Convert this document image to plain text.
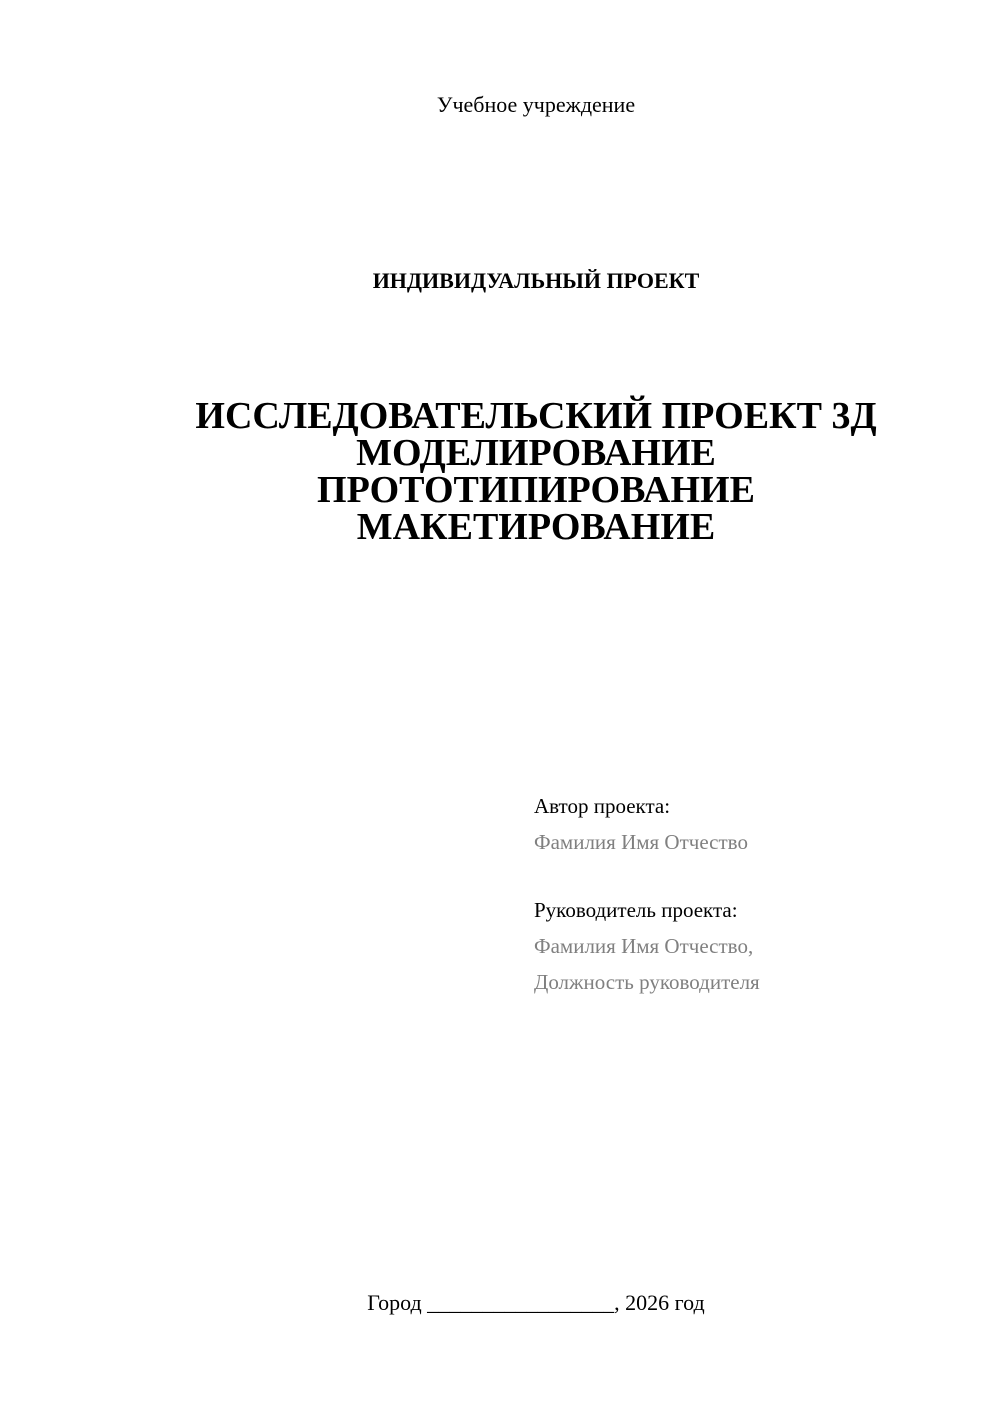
Учебное учреждение
ИНДИВИДУАЛЬНЫЙ ПРОЕКТ
ИССЛЕДОВАТЕЛЬСКИЙ ПРОЕКТ 3Д
МОДЕЛИРОВАНИЕ
ПРОТОТИПИРОВАНИЕ
МАКЕТИРОВАНИЕ
Автор проекта:
Фамилия Имя Отчество
Руководитель проекта:
Фамилия Имя Отчество,
Должность руководителя
Город _________________, 2026 год
